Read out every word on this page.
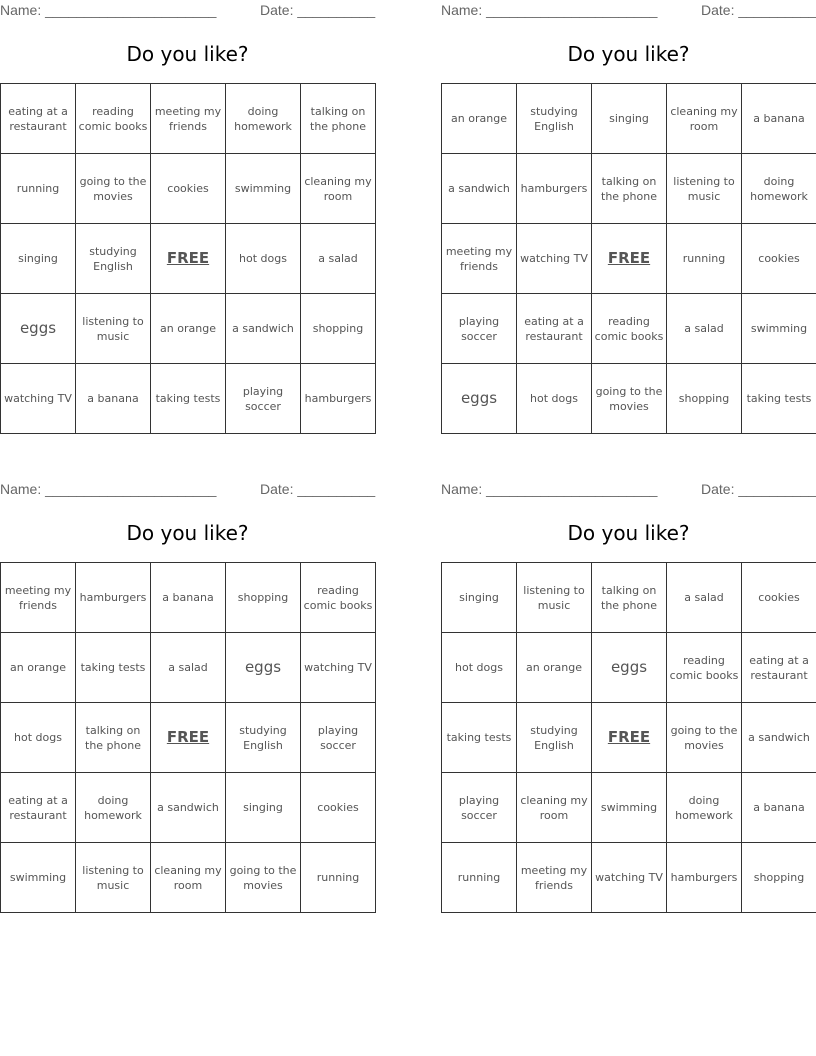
Name: ______________________	Date: __________
Do you like?
eating at a restaurant	reading comic books	meeting my friends	doing homework	talking on the phone
running	going to the movies	cookies	swimming	cleaning my room
singing	studying English	FREE	hot dogs	a salad
eggs	listening to music	an orange	a sandwich	shopping
watching TV	a banana	taking tests	playing soccer	hamburgers
Name: ______________________	Date: __________
Do you like?
an orange	studying English	singing	cleaning my room	a banana
a sandwich	hamburgers	talking on the phone	listening to music	doing homework
meeting my friends	watching TV	FREE	running	cookies
playing soccer	eating at a restaurant	reading comic books	a salad	swimming
eggs	hot dogs	going to the movies	shopping	taking tests
Name: ______________________	Date: __________
Do you like?
meeting my friends	hamburgers	a banana	shopping	reading comic books
an orange	taking tests	a salad	eggs	watching TV
hot dogs	talking on the phone	FREE	studying English	playing soccer
eating at a restaurant	doing homework	a sandwich	singing	cookies
swimming	listening to music	cleaning my room	going to the movies	running
Name: ______________________	Date: __________
Do you like?
singing	listening to music	talking on the phone	a salad	cookies
hot dogs	an orange	eggs	reading comic books	eating at a restaurant
taking tests	studying English	FREE	going to the movies	a sandwich
playing soccer	cleaning my room	swimming	doing homework	a banana
running	meeting my friends	watching TV	hamburgers	shopping
